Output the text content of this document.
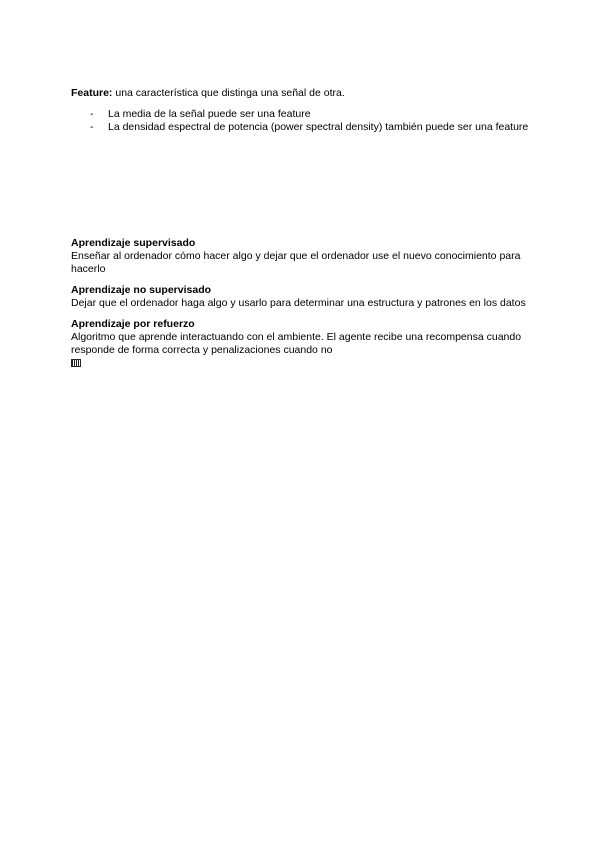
Feature: una característica que distinga una señal de otra.

- La media de la señal puede ser una feature
- La densidad espectral de potencia (power spectral density) también puede ser una feature
Aprendizaje supervisado

Enseñar al ordenador cómo hacer algo y dejar que el ordenador use el nuevo conocimiento para hacerlo

Aprendizaje no supervisado

Dejar que el ordenador haga algo y usarlo para determinar una estructura y patrones en los datos

Aprendizaje por refuerzo

Algoritmo que aprende interactuando con el ambiente. El agente recibe una recompensa cuando responde de forma correcta y penalizaciones cuando no
